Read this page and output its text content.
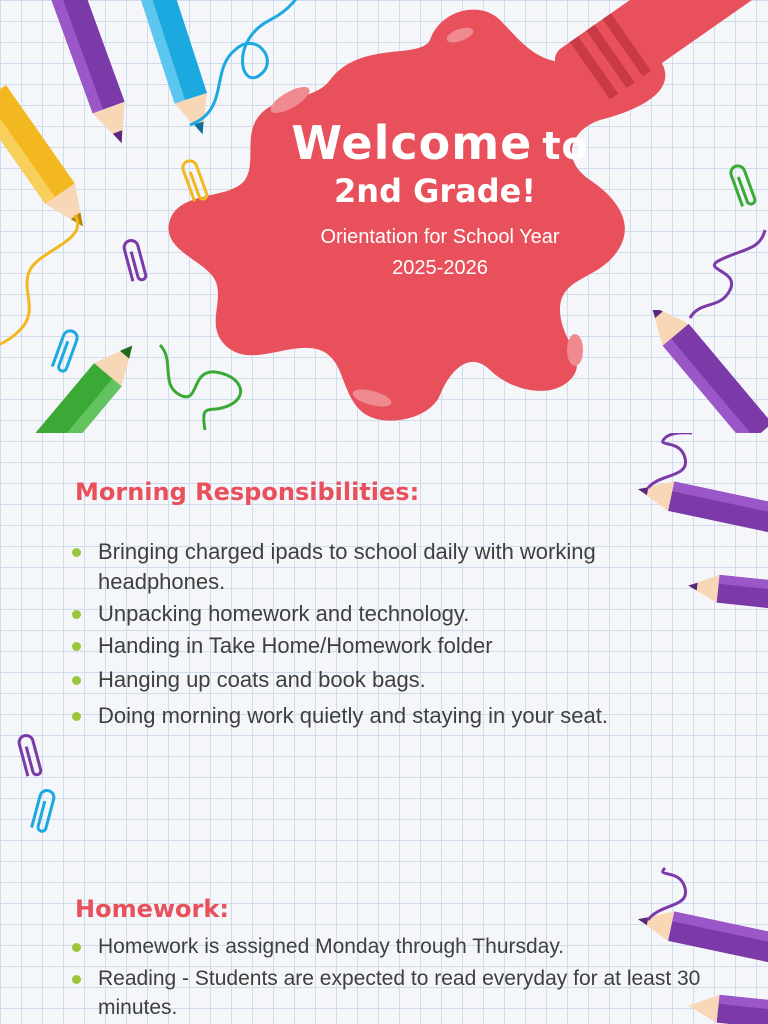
Welcome to
2nd Grade!
Orientation for School Year
2025-2026
Morning Responsibilities:
Bringing charged ipads to school daily with working headphones.
Unpacking homework and technology.
Handing in Take Home/Homework folder
Hanging up coats and book bags.
Doing morning work quietly and staying in your seat.
Homework:
Homework is assigned Monday through Thursday.
Reading - Students are expected to read everyday for at least 30 minutes.
